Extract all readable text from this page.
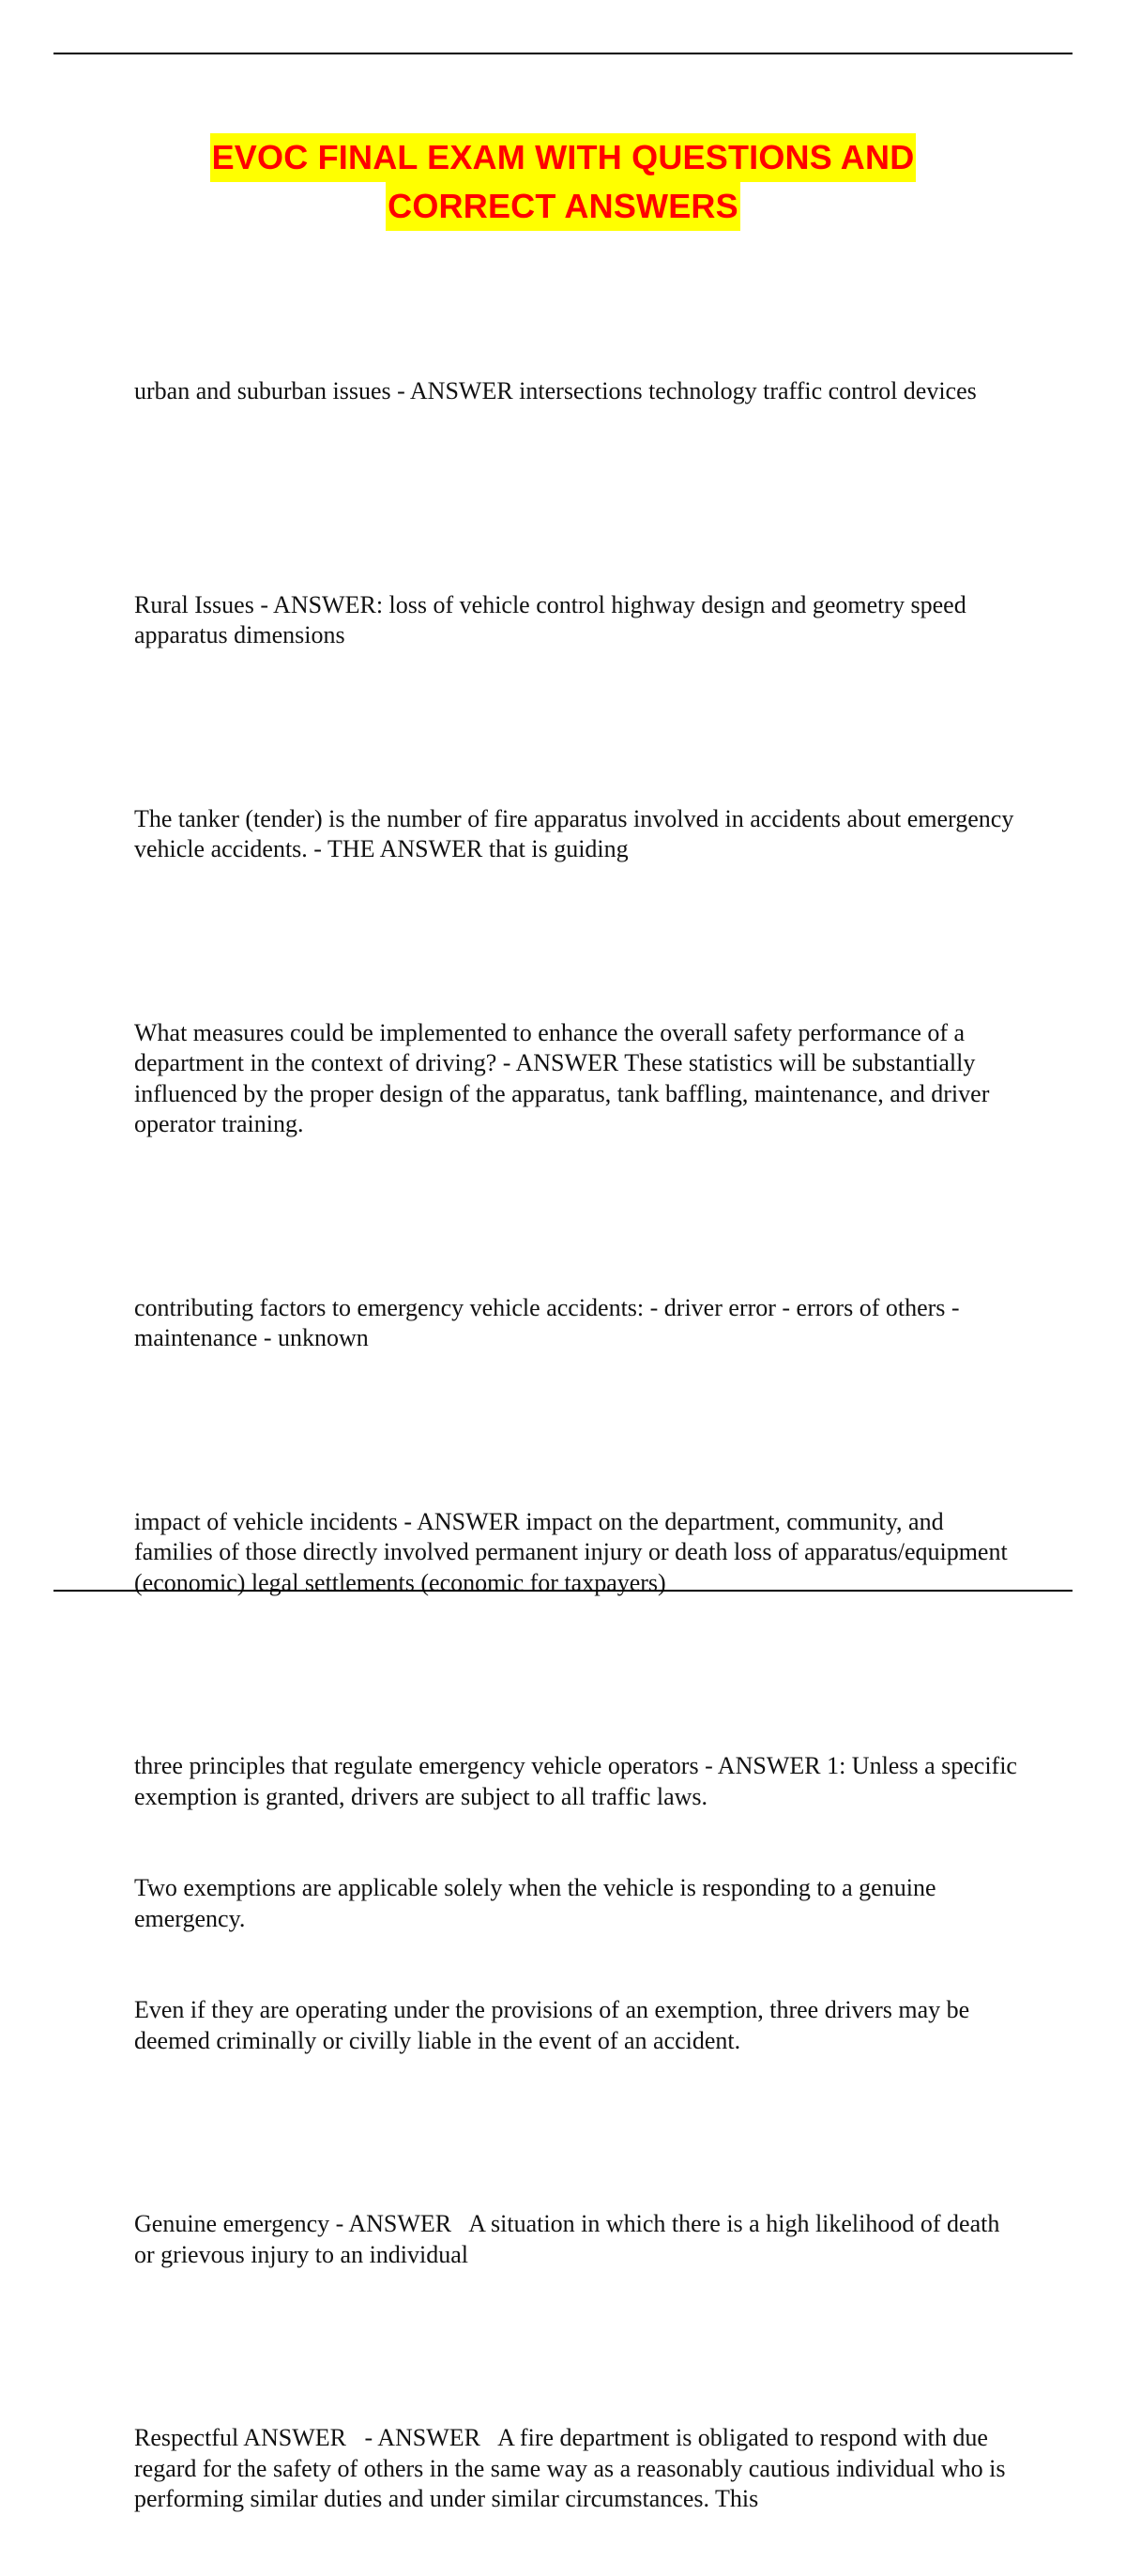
EVOC FINAL EXAM WITH QUESTIONS AND
CORRECT ANSWERS

urban and suburban issues - ANSWER intersections technology traffic control devices

Rural Issues - ANSWER: loss of vehicle control highway design and geometry speed apparatus dimensions

The tanker (tender) is the number of fire apparatus involved in accidents about emergency vehicle accidents. - THE ANSWER that is guiding

What measures could be implemented to enhance the overall safety performance of a department in the context of driving? - ANSWER These statistics will be substantially influenced by the proper design of the apparatus, tank baffling, maintenance, and driver operator training.

contributing factors to emergency vehicle accidents: - driver error - errors of others - maintenance - unknown

impact of vehicle incidents - ANSWER impact on the department, community, and families of those directly involved permanent injury or death loss of apparatus/equipment (economic) legal settlements (economic for taxpayers)

three principles that regulate emergency vehicle operators - ANSWER 1: Unless a specific exemption is granted, drivers are subject to all traffic laws.

Two exemptions are applicable solely when the vehicle is responding to a genuine emergency.

Even if they are operating under the provisions of an exemption, three drivers may be deemed criminally or civilly liable in the event of an accident.

Genuine emergency - ANSWER   A situation in which there is a high likelihood of death or grievous injury to an individual

Respectful ANSWER   - ANSWER   A fire department is obligated to respond with due regard for the safety of others in the same way as a reasonably cautious individual who is performing similar duties and under similar circumstances. This
